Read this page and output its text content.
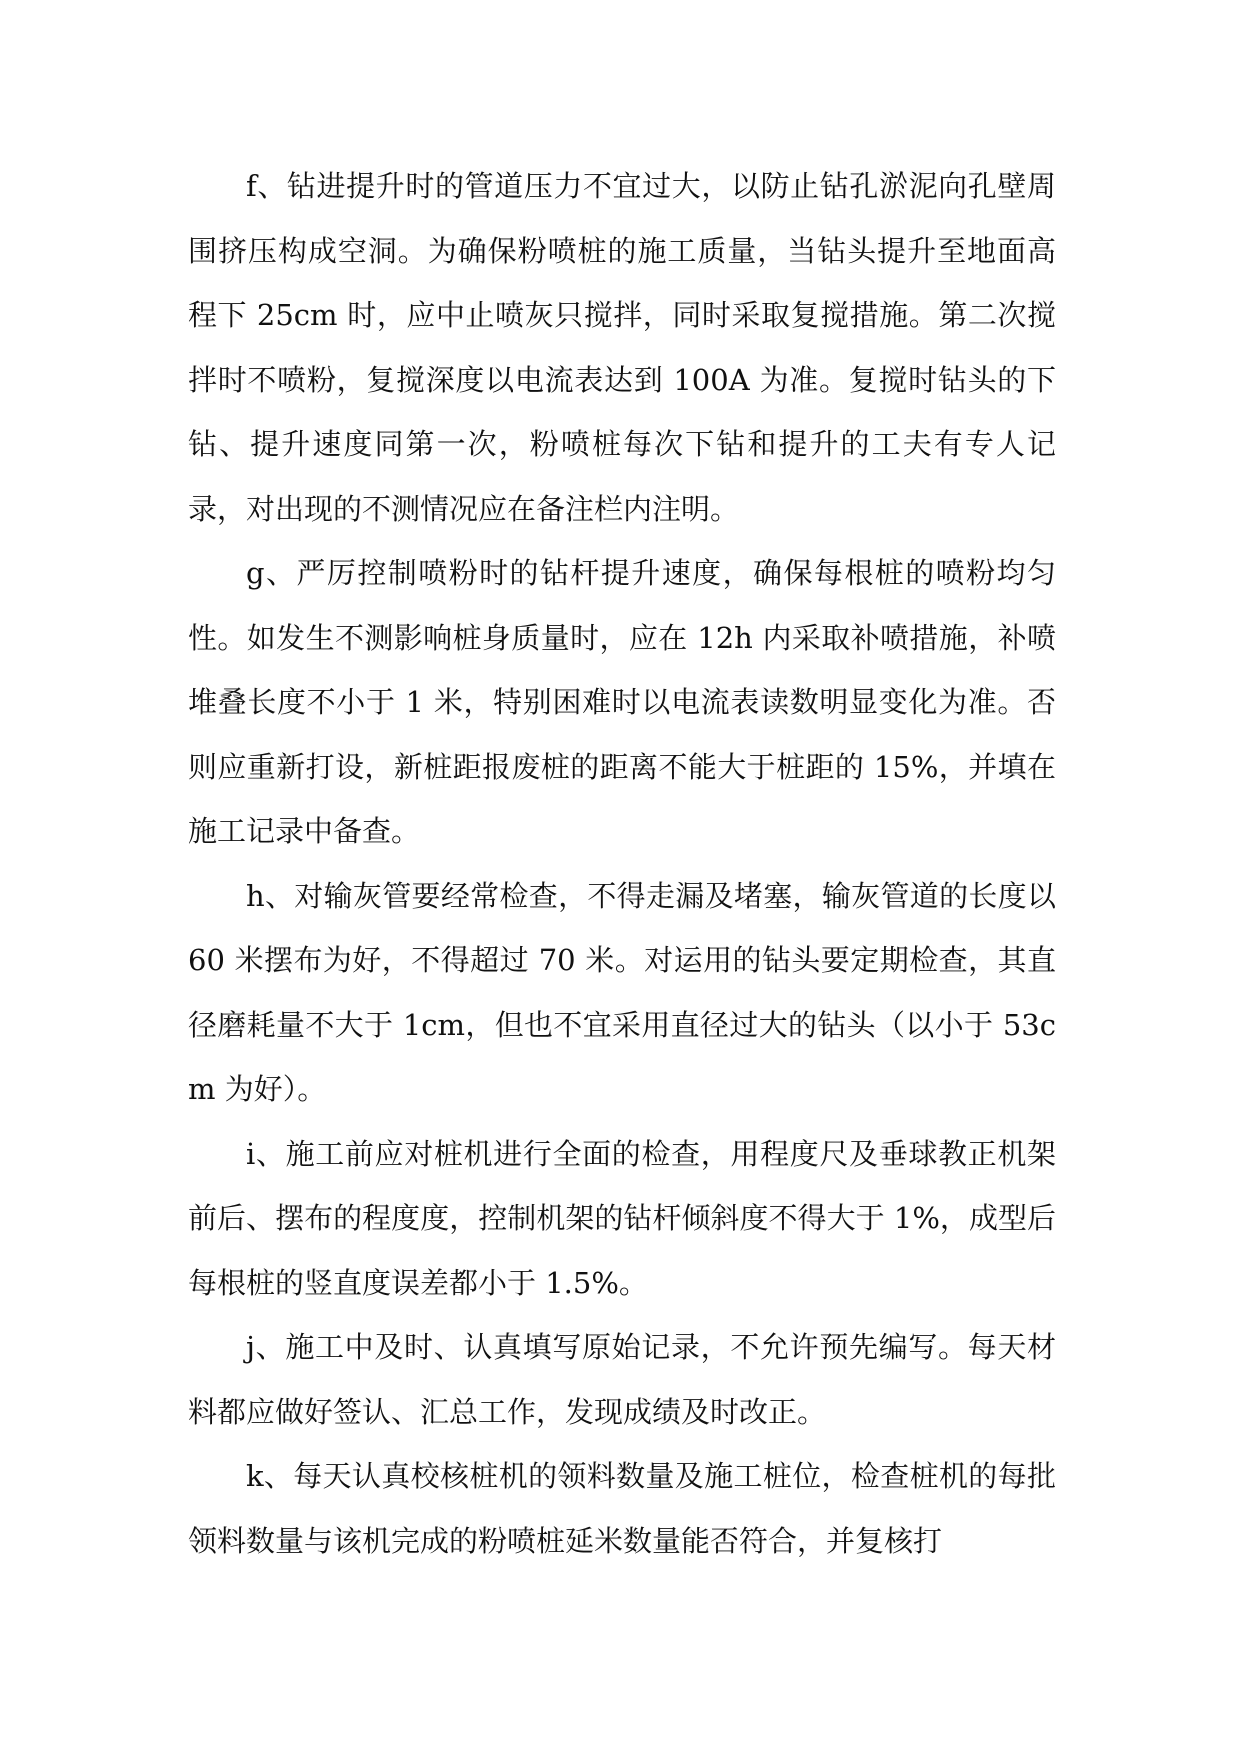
f、钻进提升时的管道压力不宜过大，以防止钻孔淤泥向孔壁周围挤压构成空洞。为确保粉喷桩的施工质量，当钻头提升至地面高程下 25cm 时，应中止喷灰只搅拌，同时采取复搅措施。第二次搅拌时不喷粉，复搅深度以电流表达到 100A 为准。复搅时钻头的下钻、提升速度同第一次，粉喷桩每次下钻和提升的工夫有专人记录，对出现的不测情况应在备注栏内注明。

g、严厉控制喷粉时的钻杆提升速度，确保每根桩的喷粉均匀性。如发生不测影响桩身质量时，应在 12h 内采取补喷措施，补喷堆叠长度不小于 1 米，特别困难时以电流表读数明显变化为准。否则应重新打设，新桩距报废桩的距离不能大于桩距的 15%，并填在施工记录中备查。

h、对输灰管要经常检查，不得走漏及堵塞，输灰管道的长度以 60 米摆布为好，不得超过 70 米。对运用的钻头要定期检查，其直径磨耗量不大于 1cm，但也不宜采用直径过大的钻头（以小于 53cm 为好）。

i、施工前应对桩机进行全面的检查，用程度尺及垂球教正机架前后、摆布的程度度，控制机架的钻杆倾斜度不得大于 1%，成型后每根桩的竖直度误差都小于 1.5%。

j、施工中及时、认真填写原始记录，不允许预先编写。每天材料都应做好签认、汇总工作，发现成绩及时改正。

k、每天认真校核桩机的领料数量及施工桩位，检查桩机的每批领料数量与该机完成的粉喷桩延米数量能否符合，并复核打
